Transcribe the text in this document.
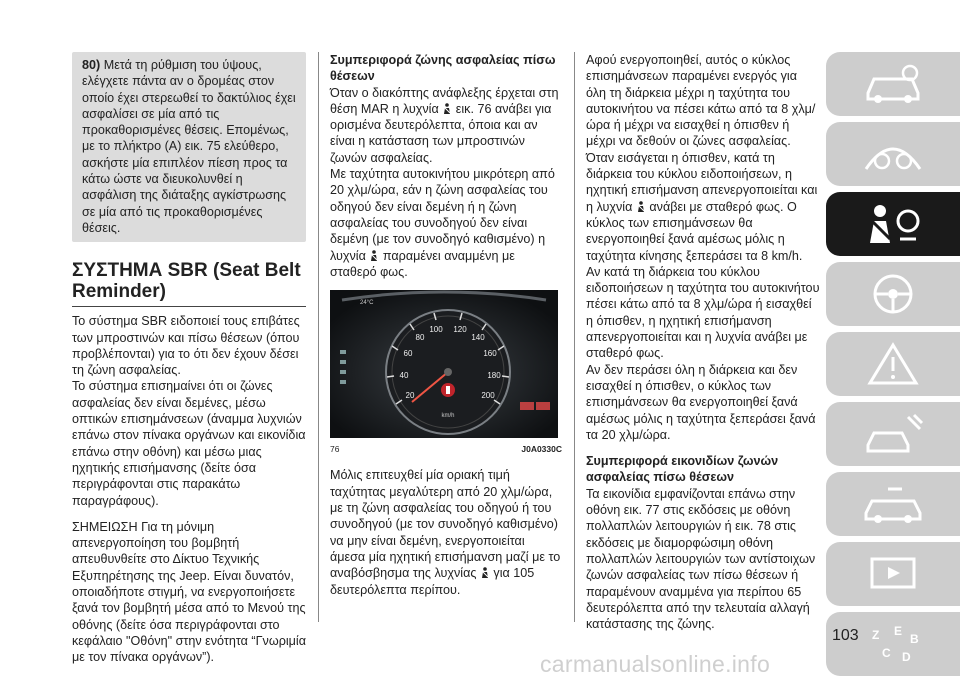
80) Μετά τη ρύθμιση του ύψους, ελέγχετε πάντα αν ο δρομέας στον οποίο έχει στερεωθεί το δακτύλιος έχει ασφαλίσει σε μία από τις προκαθορισμένες θέσεις. Επομένως, με το πλήκτρο (A) εικ. 75 ελεύθερο, ασκήστε μία επιπλέον πίεση προς τα κάτω ώστε να διευκολυνθεί η ασφάλιση της διάταξης αγκίστρωσης σε μία από τις προκαθορισμένες θέσεις.
ΣΥΣΤΗΜΑ SBR (Seat Belt Reminder)

Το σύστημα SBR ειδοποιεί τους επιβάτες των μπροστινών και πίσω θέσεων (όπου προβλέπονται) για το ότι δεν έχουν δέσει τη ζώνη ασφαλείας.

Το σύστημα επισημαίνει ότι οι ζώνες ασφαλείας δεν είναι δεμένες, μέσω οπτικών επισημάνσεων (άναμμα λυχνιών επάνω στον πίνακα οργάνων και εικονίδια επάνω στην οθόνη) και μέσω μιας ηχητικής επισήμανσης (δείτε όσα περιγράφονται στις παρακάτω παραγράφους).

ΣΗΜΕΙΩΣΗ Για τη μόνιμη απενεργοποίηση του βομβητή απευθυνθείτε στο Δίκτυο Τεχνικής Εξυπηρέτησης της Jeep. Είναι δυνατόν, οποιαδήποτε στιγμή, να ενεργοποιήσετε ξανά τον βομβητή μέσα από το Μενού της οθόνης (δείτε όσα περιγράφονται στο κεφάλαιο "Οθόνη" στην ενότητα “Γνωριμία με τον πίνακα οργάνων”).

Συμπεριφορά ζώνης ασφαλείας πίσω θέσεων

Όταν ο διακόπτης ανάφλεξης έρχεται στη θέση MAR η λυχνία εικ. 76 ανάβει για ορισμένα δευτερόλεπτα, όποια και αν είναι η κατάσταση των μπροστινών ζωνών ασφαλείας.

Με ταχύτητα αυτοκινήτου μικρότερη από 20 χλμ/ώρα, εάν η ζώνη ασφαλείας του οδηγού δεν είναι δεμένη ή η ζώνη ασφαλείας του συνοδηγού δεν είναι δεμένη (με τον συνοδηγό καθισμένο) η λυχνία παραμένει αναμμένη με σταθερό φως.

20
40
60
80
100 120
140
160
180
200
24°C
km/h
76	J0A0330C

Μόλις επιτευχθεί μία οριακή τιμή ταχύτητας μεγαλύτερη από 20 χλμ/ώρα, με τη ζώνη ασφαλείας του οδηγού ή του συνοδηγού (με τον συνοδηγό καθισμένο) να μην είναι δεμένη, ενεργοποιείται άμεσα μία ηχητική επισήμανση μαζί με το αναβόσβησμα της λυχνίας για 105 δευτερόλεπτα περίπου.

Αφού ενεργοποιηθεί, αυτός ο κύκλος επισημάνσεων παραμένει ενεργός για όλη τη διάρκεια μέχρι η ταχύτητα του αυτοκινήτου να πέσει κάτω από τα 8 χλμ/ώρα ή μέχρι να εισαχθεί η όπισθεν ή μέχρι να δεθούν οι ζώνες ασφαλείας.

Όταν εισάγεται η όπισθεν, κατά τη διάρκεια του κύκλου ειδοποιήσεων, η ηχητική επισήμανση απενεργοποιείται και η λυχνία ανάβει με σταθερό φως. Ο κύκλος των επισημάνσεων θα ενεργοποιηθεί ξανά αμέσως μόλις η ταχύτητα κίνησης ξεπεράσει τα 8 km/h.

Αν κατά τη διάρκεια του κύκλου ειδοποιήσεων η ταχύτητα του αυτοκινήτου πέσει κάτω από τα 8 χλμ/ώρα ή εισαχθεί η όπισθεν, η ηχητική επισήμανση απενεργοποιείται και η λυχνία ανάβει με σταθερό φως.

Αν δεν περάσει όλη η διάρκεια και δεν εισαχθεί η όπισθεν, ο κύκλος των επισημάνσεων θα ενεργοποιηθεί ξανά αμέσως μόλις η ταχύτητα ξεπεράσει ξανά τα 20 χλμ/ώρα.

Συμπεριφορά εικονιδίων ζωνών ασφαλείας πίσω θέσεων

Τα εικονίδια εμφανίζονται επάνω στην οθόνη εικ. 77 στις εκδόσεις με οθόνη πολλαπλών λειτουργιών ή εικ. 78 στις εκδόσεις με διαμορφώσιμη οθόνη πολλαπλών λειτουργιών των αντίστοιχων ζωνών ασφαλείας των πίσω θέσεων ή παραμένουν αναμμένα για περίπου 65 δευτερόλεπτα από την τελευταία αλλαγή κατάστασης της ζώνης.

Z E
B
C D
103
carmanualsonline.info
